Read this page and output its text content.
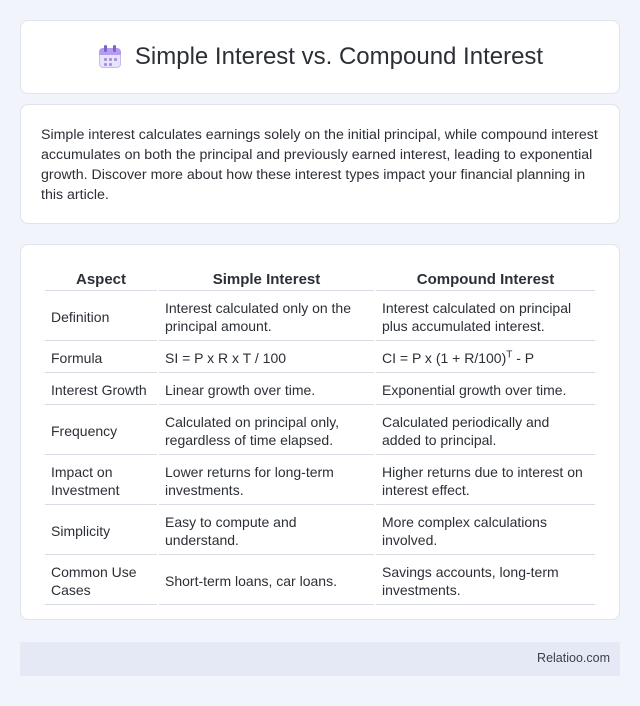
Simple Interest vs. Compound Interest

Simple interest calculates earnings solely on the initial principal, while compound interest accumulates on both the principal and previously earned interest, leading to exponential growth. Discover more about how these interest types impact your financial planning in this article.

Aspect	Simple Interest	Compound Interest
Definition	Interest calculated only on the principal amount.	Interest calculated on principal plus accumulated interest.
Formula	SI = P x R x T / 100	CI = P x $(1 + R/100)^T - P$
Interest Growth	Linear growth over time.	Exponential growth over time.
Frequency	Calculated on principal only, regardless of time elapsed.	Calculated periodically and added to principal.
Impact on Investment	Lower returns for long-term investments.	Higher returns due to interest on interest effect.
Simplicity	Easy to compute and understand.	More complex calculations involved.
Common Use Cases	Short-term loans, car loans.	Savings accounts, long-term investments.
Relatioo.com
